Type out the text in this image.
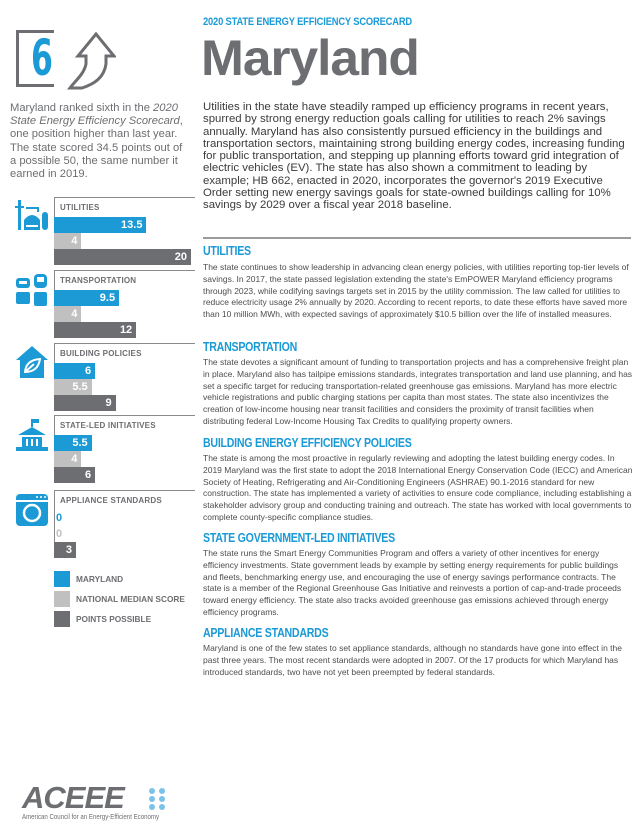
6
Maryland ranked sixth in the 2020 State Energy Efficiency Scorecard, one position higher than last year. The state scored 34.5 points out of a possible 50, the same number it earned in 2019.
2020 STATE ENERGY EFFICIENCY SCORECARD
Maryland
Utilities in the state have steadily ramped up efficiency programs in recent years, spurred by strong energy reduction goals calling for utilities to reach 2% savings annually. Maryland has also consistently pursued efficiency in the buildings and transportation sectors, maintaining strong building energy codes, increasing funding for public transportation, and stepping up planning efforts toward grid integration of electric vehicles (EV). The state has also shown a commitment to leading by example; HB 662, enacted in 2020, incorporates the governor's 2019 Executive Order setting new energy savings goals for state-owned buildings calling for 10% savings by 2029 over a fiscal year 2018 baseline.
UTILITIES
The state continues to show leadership in advancing clean energy policies, with utilities reporting top-tier levels of savings. In 2017, the state passed legislation extending the state's EmPOWER Maryland efficiency programs through 2023, while codifying savings targets set in 2015 by the utility commission. The law called for utilities to reduce electricity usage 2% annually by 2020. According to recent reports, to date these efforts have saved more than 10 million MWh, with expected savings of approximately $10.5 billion over the life of installed measures.
TRANSPORTATION
The state devotes a significant amount of funding to transportation projects and has a comprehensive freight plan in place. Maryland also has tailpipe emissions standards, integrates transportation and land use planning, and has set a specific target for reducing transportation-related greenhouse gas emissions. Maryland has more electric vehicle registrations and public charging stations per capita than most states. The state also incentivizes the creation of low-income housing near transit facilities and considers the proximity of transit facilities when distributing federal Low-Income Housing Tax Credits to qualifying property owners.
BUILDING ENERGY EFFICIENCY POLICIES
The state is among the most proactive in regularly reviewing and adopting the latest building energy codes. In 2019 Maryland was the first state to adopt the 2018 International Energy Conservation Code (IECC) and American Society of Heating, Refrigerating and Air-Conditioning Engineers (ASHRAE) 90.1-2016 standard for new construction. The state has implemented a variety of activities to ensure code compliance, including establishing a stakeholder advisory group and conducting training and outreach. The state has worked with local governments to complete county-specific compliance studies.
STATE GOVERNMENT-LED INITIATIVES
The state runs the Smart Energy Communities Program and offers a variety of other incentives for energy efficiency investments. State government leads by example by setting energy requirements for public buildings and fleets, benchmarking energy use, and encouraging the use of energy savings performance contracts. The state is a member of the Regional Greenhouse Gas Initiative and reinvests a portion of cap-and-trade proceeds toward energy efficiency. The state also tracks avoided greenhouse gas emissions achieved through energy efficiency programs.
APPLIANCE STANDARDS
Maryland is one of the few states to set appliance standards, although no standards have gone into effect in the past three years. The most recent standards were adopted in 2007. Of the 17 products for which Maryland has introduced standards, two have not yet been preempted by federal standards.
UTILITIES
13.5
4
20
TRANSPORTATION
9.5
4
12
BUILDING POLICIES
6
5.5
9
STATE-LED INITIATIVES
5.5
4
6
APPLIANCE STANDARDS
0
0
3
MARYLAND
NATIONAL MEDIAN SCORE
POINTS POSSIBLE
ACEEE
American Council for an Energy-Efficient Economy
